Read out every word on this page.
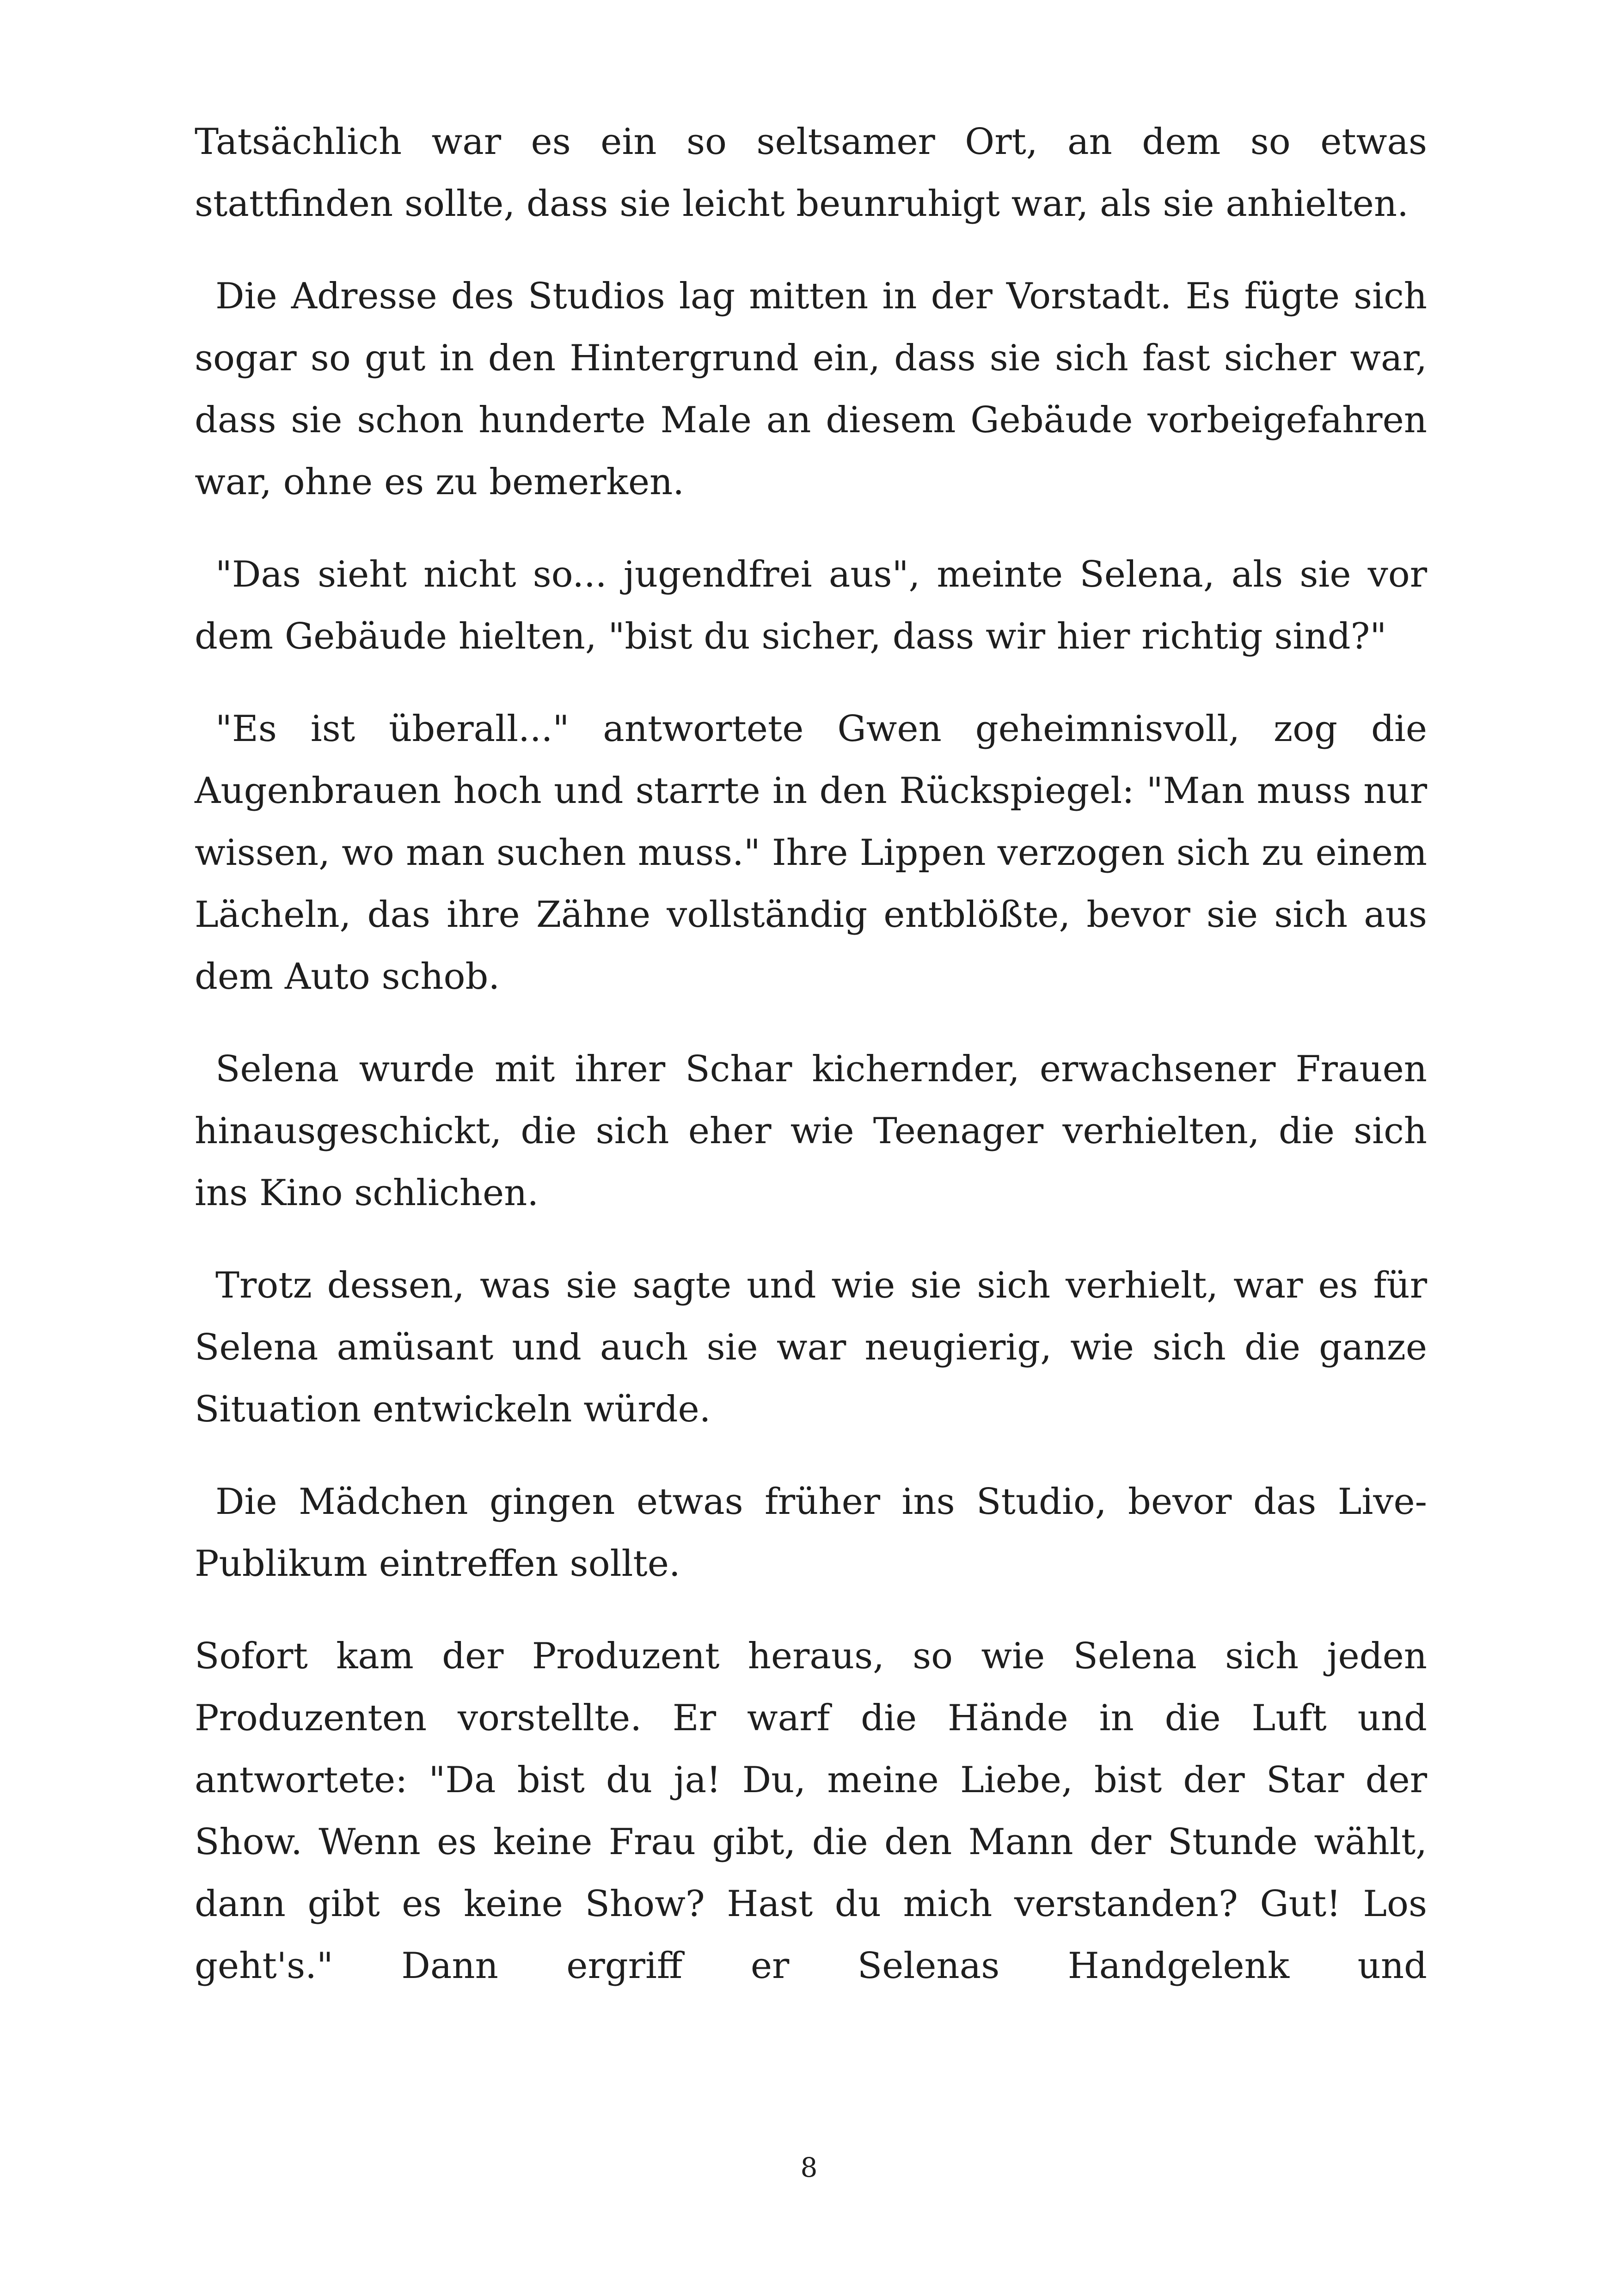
Tatsächlich war es ein so seltsamer Ort, an dem so etwas stattfinden sollte, dass sie leicht beunruhigt war, als sie anhielten.

Die Adresse des Studios lag mitten in der Vorstadt. Es fügte sich sogar so gut in den Hintergrund ein, dass sie sich fast sicher war, dass sie schon hunderte Male an diesem Gebäude vorbeigefahren war, ohne es zu bemerken.

"Das sieht nicht so... jugendfrei aus", meinte Selena, als sie vor dem Gebäude hielten, "bist du sicher, dass wir hier richtig sind?"

"Es ist überall..." antwortete Gwen geheimnisvoll, zog die Augenbrauen hoch und starrte in den Rückspiegel: "Man muss nur wissen, wo man suchen muss." Ihre Lippen verzogen sich zu einem Lächeln, das ihre Zähne vollständig entblößte, bevor sie sich aus dem Auto schob.

Selena wurde mit ihrer Schar kichernder, erwachsener Frauen hinausgeschickt, die sich eher wie Teenager verhielten, die sich ins Kino schlichen.

Trotz dessen, was sie sagte und wie sie sich verhielt, war es für Selena amüsant und auch sie war neugierig, wie sich die ganze Situation entwickeln würde.

Die Mädchen gingen etwas früher ins Studio, bevor das Live-Publikum eintreffen sollte.

Sofort kam der Produzent heraus, so wie Selena sich jeden Produzenten vorstellte. Er warf die Hände in die Luft und antwortete: "Da bist du ja! Du, meine Liebe, bist der Star der Show. Wenn es keine Frau gibt, die den Mann der Stunde wählt, dann gibt es keine Show? Hast du mich verstanden? Gut! Los geht's." Dann ergriff er Selenas Handgelenk und

8
